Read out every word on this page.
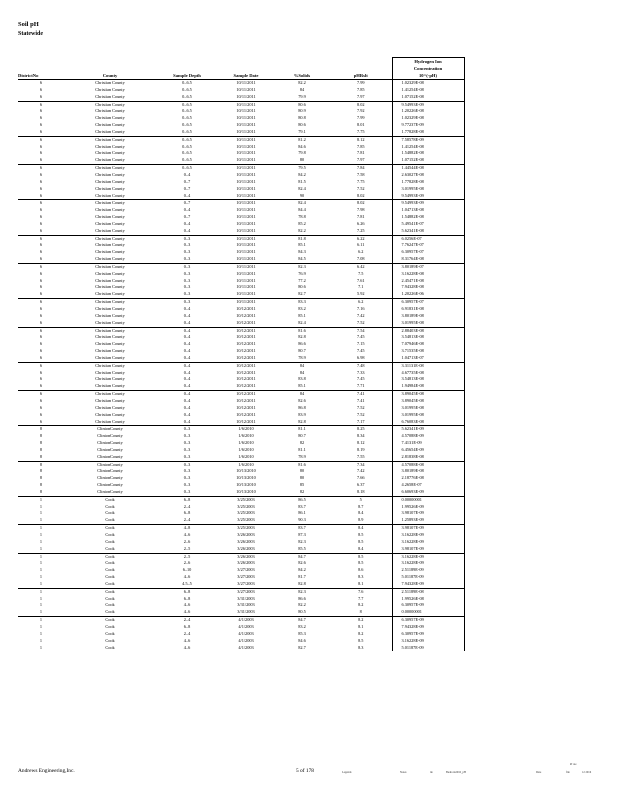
Soil pH
Statewide
DistrictNo	County	Sample Depth	Sample Date	%Solids	pHRslt	Hydrogen Ion
Concentration
10^(-pH)

6	Christian County	0–6.5	10/11/2011	82.2	7.99	1.02329E-08
6	Christian County	0–6.5	10/11/2011	84	7.85	1.41254E-08
6	Christian County	0–6.5	10/11/2011	79.9	7.97	1.07152E-08
6	Christian County	0–6.5	10/11/2011	80.6	8.02	9.54993E-09
6	Christian County	0–6.5	10/11/2011	80.9	7.92	1.20226E-08
6	Christian County	0–6.5	10/11/2011	80.8	7.99	1.02329E-08
6	Christian County	0–6.5	10/11/2011	80.6	8.01	9.77237E-09
6	Christian County	0–6.5	10/11/2011	79.1	7.75	1.77828E-08
6	Christian County	0–6.5	10/11/2011	81.2	8.12	7.58578E-09
6	Christian County	0–6.5	10/11/2011	84.6	7.85	1.41254E-08
6	Christian County	0–6.5	10/11/2011	79.8	7.81	1.54882E-08
6	Christian County	0–6.5	10/11/2011	80	7.97	1.07152E-08
6	Christian County	0–6.5	10/11/2011	79.5	7.84	1.44544E-08
6	Christian County	0–4	10/11/2011	84.2	7.58	2.63027E-08
6	Christian County	0–7	10/11/2011	81.5	7.75	1.77828E-08
6	Christian County	0–7	10/11/2011	82.4	7.52	3.01995E-08
6	Christian County	0–4	10/11/2011	90	8.02	9.54993E-09
6	Christian County	0–7	10/11/2011	82.4	8.02	9.54993E-09
6	Christian County	0–4	10/11/2011	84.4	7.98	1.04713E-08
6	Christian County	0–7	10/11/2011	78.8	7.81	1.54882E-08
6	Christian County	0–4	10/11/2011	85.2	6.26	5.49541E-07
6	Christian County	0–4	10/11/2011	82.2	7.25	5.62341E-08
6	Christian County	0–3	10/11/2011	81.8	6.22	6.0256E-07
6	Christian County	0–3	10/11/2011	85.1	6.11	7.76247E-07
6	Christian County	0–3	10/11/2011	84.3	6.2	6.30957E-07
6	Christian County	0–3	10/11/2011	84.5	7.08	8.31764E-08
6	Christian County	0–3	10/11/2011	82.3	6.42	3.80189E-07
6	Christian County	0–3	10/11/2011	76.9	7.5	3.16228E-08
6	Christian County	0–3	10/11/2011	77.2	7.61	2.45471E-08
6	Christian County	0–3	10/11/2011	80.6	7.1	7.94328E-08
6	Christian County	0–3	10/11/2011	82.7	5.92	1.20226E-06
6	Christian County	0–3	10/11/2011	83.3	6.2	6.30957E-07
6	Christian County	0–4	10/12/2011	83.2	7.16	6.91831E-08
6	Christian County	0–4	10/12/2011	85.1	7.42	3.80189E-08
6	Christian County	0–4	10/12/2011	82.4	7.52	3.01995E-08
6	Christian County	0–4	10/12/2011	81.6	7.54	2.88403E-08
6	Christian County	0–4	10/12/2011	82.8	7.45	3.54813E-08
6	Christian County	0–4	10/12/2011	86.6	7.15	7.07946E-08
6	Christian County	0–4	10/12/2011	80.7	7.45	3.71535E-08
6	Christian County	0–4	10/12/2011	78.9	6.98	1.04713E-07
6	Christian County	0–4	10/12/2011	84	7.48	3.31131E-08
6	Christian County	0–4	10/12/2011	84	7.33	4.67735E-08
6	Christian County	0–4	10/12/2011	83.8	7.45	3.54813E-08
6	Christian County	0–4	10/12/2011	85.1	7.71	1.94984E-08
6	Christian County	0–4	10/12/2011	84	7.41	3.89045E-08
6	Christian County	0–4	10/12/2011	82.6	7.41	3.89045E-08
6	Christian County	0–4	10/12/2011	86.8	7.52	3.01995E-08
6	Christian County	0–4	10/12/2011	83.9	7.52	3.01995E-08
6	Christian County	0–4	10/12/2011	82.8	7.17	6.76083E-08
8	ClintonCounty	0–3	1/6/2010	81.1	8.25	5.62341E-09
8	ClintonCounty	0–3	1/6/2010	80.7	8.34	4.57088E-09
8	ClintonCounty	0–3	1/6/2010	82	8.12	7.4131E-09
8	ClintonCounty	0–3	1/6/2010	81.1	8.19	6.45654E-09
8	ClintonCounty	0–3	1/6/2010	78.9	7.55	2.81838E-08
8	ClintonCounty	0–3	1/6/2010	81.6	7.34	4.57088E-08
8	ClintonCounty	0–3	10/13/2010	80	7.42	3.80189E-08
8	ClintonCounty	0–3	10/13/2010	80	7.66	2.18776E-08
8	ClintonCounty	0–3	10/13/2010	85	6.37	4.2658E-07
8	ClintonCounty	0–3	10/13/2010	82	8.18	6.60693E-09
1	Cook	6–8	3/25/2003	86.5	5	0.00000001
1	Cook	2–4	3/25/2003	83.7	8.7	1.99526E-09
1	Cook	6–8	3/25/2003	86.1	8.4	3.98107E-09
1	Cook	2–4	3/25/2003	90.3	8.9	1.25893E-09
1	Cook	4–8	3/25/2003	83.7	8.4	3.98107E-09
1	Cook	4–6	3/26/2003	87.3	8.5	3.16228E-09
1	Cook	2–6	3/26/2003	82.3	8.5	3.16228E-09
1	Cook	2–5	3/26/2003	85.5	8.4	3.98107E-09
1	Cook	2–5	3/26/2003	84.7	8.5	3.16228E-09
1	Cook	2–6	3/26/2003	82.6	8.5	3.16228E-09
1	Cook	6–10	3/27/2003	84.2	8.6	2.51189E-09
1	Cook	4–6	3/27/2003	81.7	8.3	5.01187E-09
1	Cook	4.5–5	3/27/2003	82.8	8.1	7.94328E-09
1	Cook	6–8	3/27/2003	82.3	7.6	2.51189E-08
1	Cook	6–8	3/31/2003	86.6	7.7	1.99526E-08
1	Cook	4–6	3/31/2003	82.2	8.2	6.30957E-09
1	Cook	4–6	3/31/2003	80.5	8	0.00000001
1	Cook	2–4	4/1/2003	84.7	8.2	6.30957E-09
1	Cook	6–8	4/1/2003	83.2	8.1	7.94328E-09
1	Cook	2–4	4/1/2003	85.3	8.2	6.30957E-09
1	Cook	4–6	4/1/2003	84.6	8.5	3.16228E-09
1	Cook	4–6	4/1/2003	82.7	8.3	5.01187E-09
Andrews Engineering,Inc.	5 of 178	Legends	Notes	ile	Bedrock2016_pH	Date	file	12 2016
Pr ate
